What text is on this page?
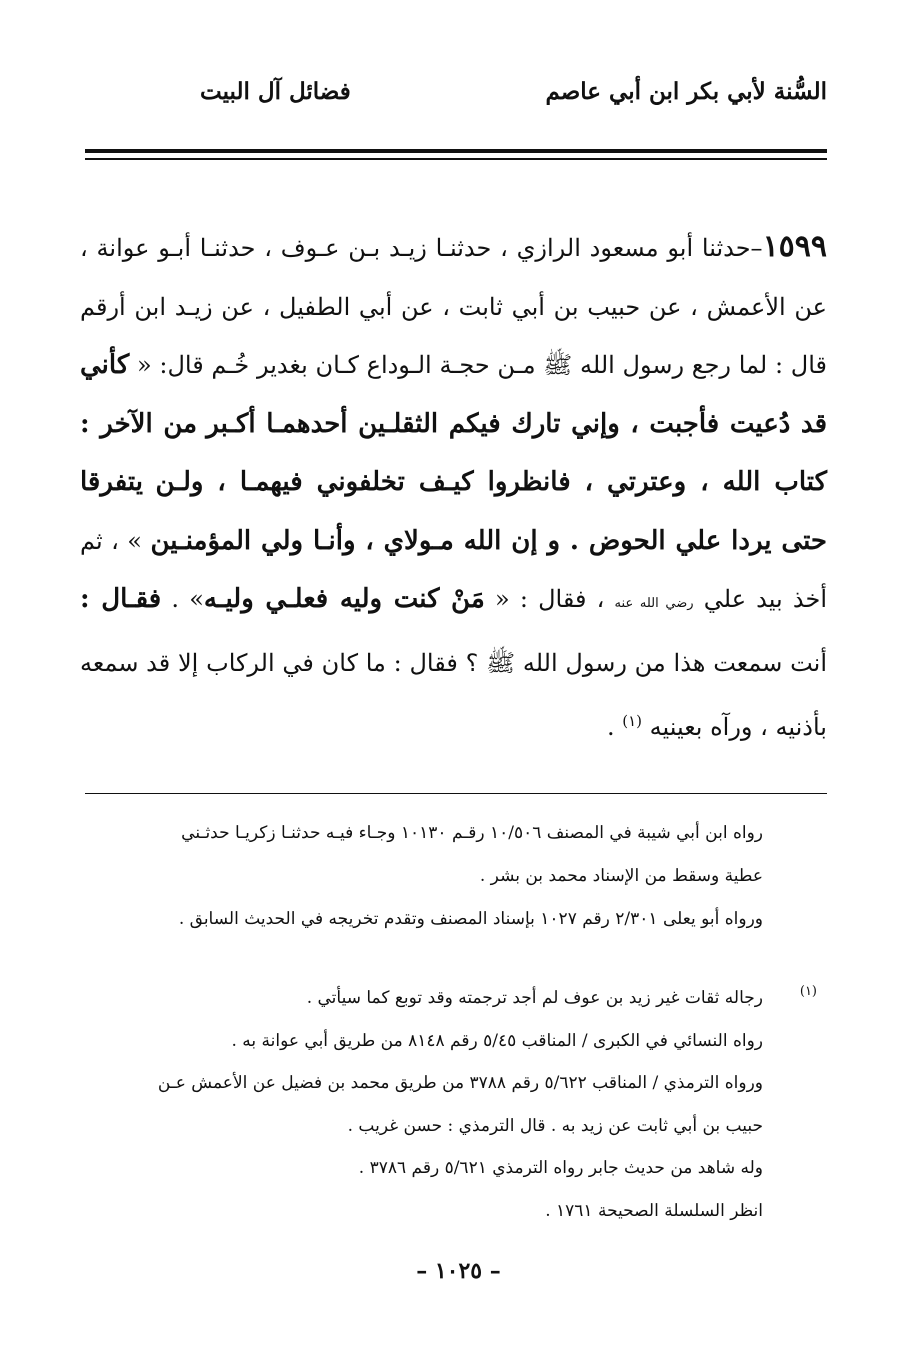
السُّنة لأبي بكر ابن أبي عاصم
فضائل آل البيت

١٥٩٩–حدثنا أبو مسعود الرازي ، حدثنـا زيـد بـن عـوف ، حدثنـا أبـو عوانة ، عن الأعمش ، عن حبيب بن أبي ثابت ، عن أبي الطفيل ، عن زيـد ابن أرقم قال : لما رجع رسول الله ﷺ مـن حجـة الـوداع كـان بغدير خُـم قال: « كأني قد دُعيت فأجبت ، وإني تارك فيكم الثقلـين أحدهمـا أكـبر من الآخر : كتاب الله ، وعترتي ، فانظروا كيـف تخلفوني فيهمـا ، ولـن يتفرقا حتى يردا علي الحوض . و إن الله مـولاي ، وأنـا ولي المؤمنـين » ، ثم أخذ بيد علي رضي الله عنه ، فقال : « مَنْ كنت وليه فعلـي وليـه» . فقـال : أنت سمعت هذا من رسول الله ﷺ ؟ فقال : ما كان في الركاب إلا قد سمعه بأذنيه ، ورآه بعينيه $^{(١)}$ .

رواه ابن أبي شيبة في المصنف ١٠/٥٠٦ رقـم ١٠١٣٠ وجـاء فيـه حدثنـا زكريـا حدثـني
عطية وسقط من الإسناد محمد بن بشر .
ورواه أبو يعلى ٢/٣٠١ رقم ١٠٢٧ بإسناد المصنف وتقدم تخريجه في الحديث السابق .
(١)
رجاله ثقات غير زيد بن عوف لم أجد ترجمته وقد توبع كما سيأتي .
رواه النسائي في الكبرى / المناقب ٥/٤٥ رقم ٨١٤٨ من طريق أبي عوانة به .
ورواه الترمذي / المناقب ٥/٦٢٢ رقم ٣٧٨٨ من طريق محمد بن فضيل عن الأعمش عـن
حبيب بن أبي ثابت عن زيد به . قال الترمذي : حسن غريب .
وله شاهد من حديث جابر رواه الترمذي ٥/٦٢١ رقم ٣٧٨٦ .
انظر السلسلة الصحيحة ١٧٦١ .
– ١٠٢٥ –
